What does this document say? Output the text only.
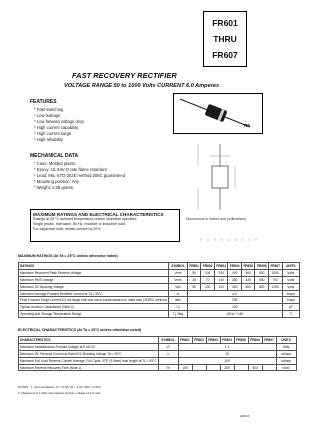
FR601
THRU
FR607
FAST RECOVERY RECTIFIER
VOLTAGE RANGE 50 to 1000 Volts CURRENT 6.0 Amperes
FEATURES
* Fast switching
* Low leakage
* Low forward voltage drop
* High current capability
* High current surge
* High reliability
MECHANICAL DATA
* Case: Molded plastic
* Epoxy: UL 94V-O rate flame retardant
* Lead: MIL-STD-202E method 208C guaranteed
* Mounting position: Any
* Weight: 2.08 grams
R6
Dimensions in inches and (millimeters)
MAXIMUM RATINGS AND ELECTRICAL CHARACTERISTICS
Ratings at 25 °C ambient temperature unless otherwise specified
Single phase, half wave, 60 Hz, resistive or inductive load.
For capacitive load, derate current by 20%
Р О Н Н Ы Й П О Р
MAXIMUM RATINGS (At Ta = 25°C unless otherwise noted)
RATINGS	SYMBOL	FR601	FR602	FR603	FR604	FR605	FR606	FR607	UNITS
Maximum Recurrent Peak Reverse Voltage	Vrrm	50	100	200	400	600	800	1000	Volts
Maximum RMS Voltage	Vrms	35	70	140	280	420	560	700	Volts
Maximum DC Blocking Voltage	Vdc	50	100	200	400	600	800	1000	Volts
Maximum Average Forward Rectified Current at TA = 55°C	Io	6.0							Amps
Peak Forward Surge Current 8.3 ms single half sine-wave superimposed on rated load (JEDEC method)	Ifsm	250							Amps
Typical Junction Capacitance (Note 2)	Cj	150							pF
Operating and Storage Temperature Range	Tj, Tstg	-65 to + 150							°C
ELECTRICAL CHARACTERISTICS (At Ta = 25°C unless otherwise noted)
CHARACTERISTICS	SYMBOL	FR601	FR602	FR603	FR604	FR605	FR606	FR607	UNITS
Maximum Instantaneous Forward Voltage at 6.0A DC	Vf	1.3							Volts
Maximum DC Reverse Current at Rated DC Blocking Voltage Ta = 25°C	Ir	10							uAmps
Maximum Full Load Reverse Current Average, Full Cycle .375" (9.5mm) lead length at TL = 55°C		100							uAmps
Maximum Reverse Recovery Time (Note 1)	Trr	150			250		500		nSec
NOTES : 1. Test Conditions: IF = 0.5A, IR = 1.0A, IRR = 0.25A
2. Measured at 1 MHz and applied reverse voltage of 4.0 volts
2008-6
